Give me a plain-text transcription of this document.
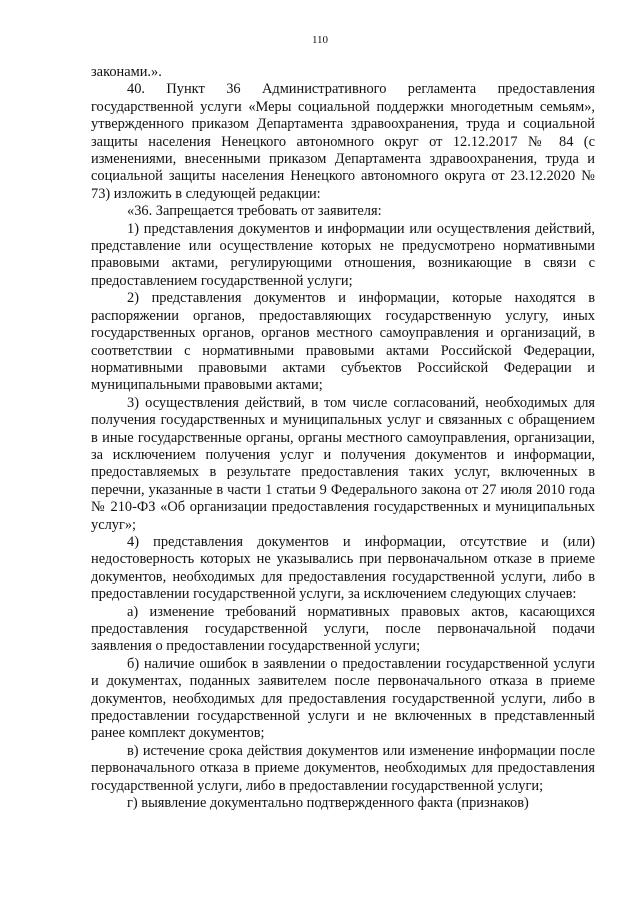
110

законами.».

40. Пункт 36 Административного регламента предоставления государственной услуги «Меры социальной поддержки многодетным семьям», утвержденного приказом Департамента здравоохранения, труда и социальной защиты населения Ненецкого автономного округ от 12.12.2017 № 84 (с изменениями, внесенными приказом Департамента здравоохранения, труда и социальной защиты населения Ненецкого автономного округа от 23.12.2020 № 73) изложить в следующей редакции:

«36. Запрещается требовать от заявителя:

1) представления документов и информации или осуществления действий, представление или осуществление которых не предусмотрено нормативными правовыми актами, регулирующими отношения, возникающие в связи с предоставлением государственной услуги;

2) представления документов и информации, которые находятся в распоряжении органов, предоставляющих государственную услугу, иных государственных органов, органов местного самоуправления и организаций, в соответствии с нормативными правовыми актами Российской Федерации, нормативными правовыми актами субъектов Российской Федерации и муниципальными правовыми актами;

3) осуществления действий, в том числе согласований, необходимых для получения государственных и муниципальных услуг и связанных с обращением в иные государственные органы, органы местного самоуправления, организации, за исключением получения услуг и получения документов и информации, предоставляемых в результате предоставления таких услуг, включенных в перечни, указанные в части 1 статьи 9 Федерального закона от 27 июля 2010 года № 210-ФЗ «Об организации предоставления государственных и муниципальных услуг»;

4) представления документов и информации, отсутствие и (или) недостоверность которых не указывались при первоначальном отказе в приеме документов, необходимых для предоставления государственной услуги, либо в предоставлении государственной услуги, за исключением следующих случаев:

а) изменение требований нормативных правовых актов, касающихся предоставления государственной услуги, после первоначальной подачи заявления о предоставлении государственной услуги;

б) наличие ошибок в заявлении о предоставлении государственной услуги и документах, поданных заявителем после первоначального отказа в приеме документов, необходимых для предоставления государственной услуги, либо в предоставлении государственной услуги и не включенных в представленный ранее комплект документов;

в) истечение срока действия документов или изменение информации после первоначального отказа в приеме документов, необходимых для предоставления государственной услуги, либо в предоставлении государственной услуги;

г) выявление документально подтвержденного факта (признаков)
